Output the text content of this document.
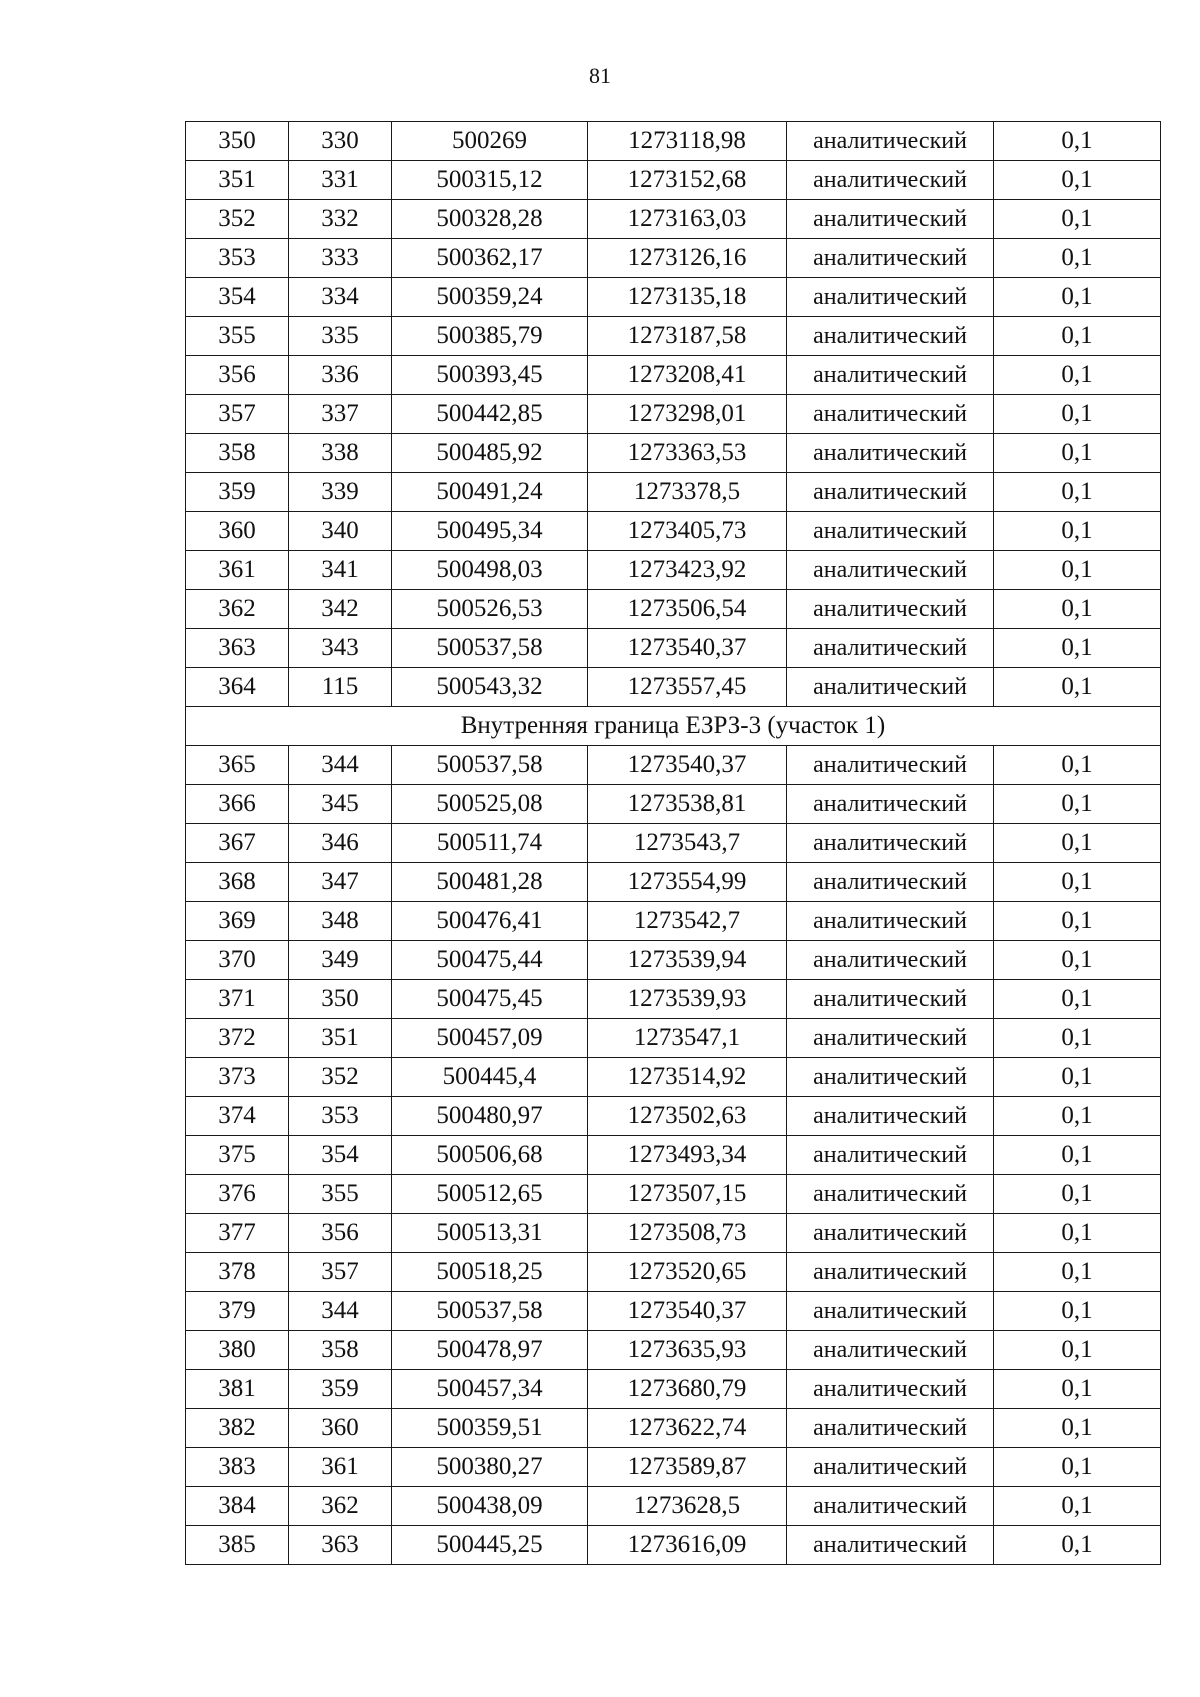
81
350	330	500269	1273118,98	аналитический	0,1
351	331	500315,12	1273152,68	аналитический	0,1
352	332	500328,28	1273163,03	аналитический	0,1
353	333	500362,17	1273126,16	аналитический	0,1
354	334	500359,24	1273135,18	аналитический	0,1
355	335	500385,79	1273187,58	аналитический	0,1
356	336	500393,45	1273208,41	аналитический	0,1
357	337	500442,85	1273298,01	аналитический	0,1
358	338	500485,92	1273363,53	аналитический	0,1
359	339	500491,24	1273378,5	аналитический	0,1
360	340	500495,34	1273405,73	аналитический	0,1
361	341	500498,03	1273423,92	аналитический	0,1
362	342	500526,53	1273506,54	аналитический	0,1
363	343	500537,58	1273540,37	аналитический	0,1
364	115	500543,32	1273557,45	аналитический	0,1
Внутренняя граница ЕЗРЗ-3 (участок 1)					
365	344	500537,58	1273540,37	аналитический	0,1
366	345	500525,08	1273538,81	аналитический	0,1
367	346	500511,74	1273543,7	аналитический	0,1
368	347	500481,28	1273554,99	аналитический	0,1
369	348	500476,41	1273542,7	аналитический	0,1
370	349	500475,44	1273539,94	аналитический	0,1
371	350	500475,45	1273539,93	аналитический	0,1
372	351	500457,09	1273547,1	аналитический	0,1
373	352	500445,4	1273514,92	аналитический	0,1
374	353	500480,97	1273502,63	аналитический	0,1
375	354	500506,68	1273493,34	аналитический	0,1
376	355	500512,65	1273507,15	аналитический	0,1
377	356	500513,31	1273508,73	аналитический	0,1
378	357	500518,25	1273520,65	аналитический	0,1
379	344	500537,58	1273540,37	аналитический	0,1
380	358	500478,97	1273635,93	аналитический	0,1
381	359	500457,34	1273680,79	аналитический	0,1
382	360	500359,51	1273622,74	аналитический	0,1
383	361	500380,27	1273589,87	аналитический	0,1
384	362	500438,09	1273628,5	аналитический	0,1
385	363	500445,25	1273616,09	аналитический	0,1
